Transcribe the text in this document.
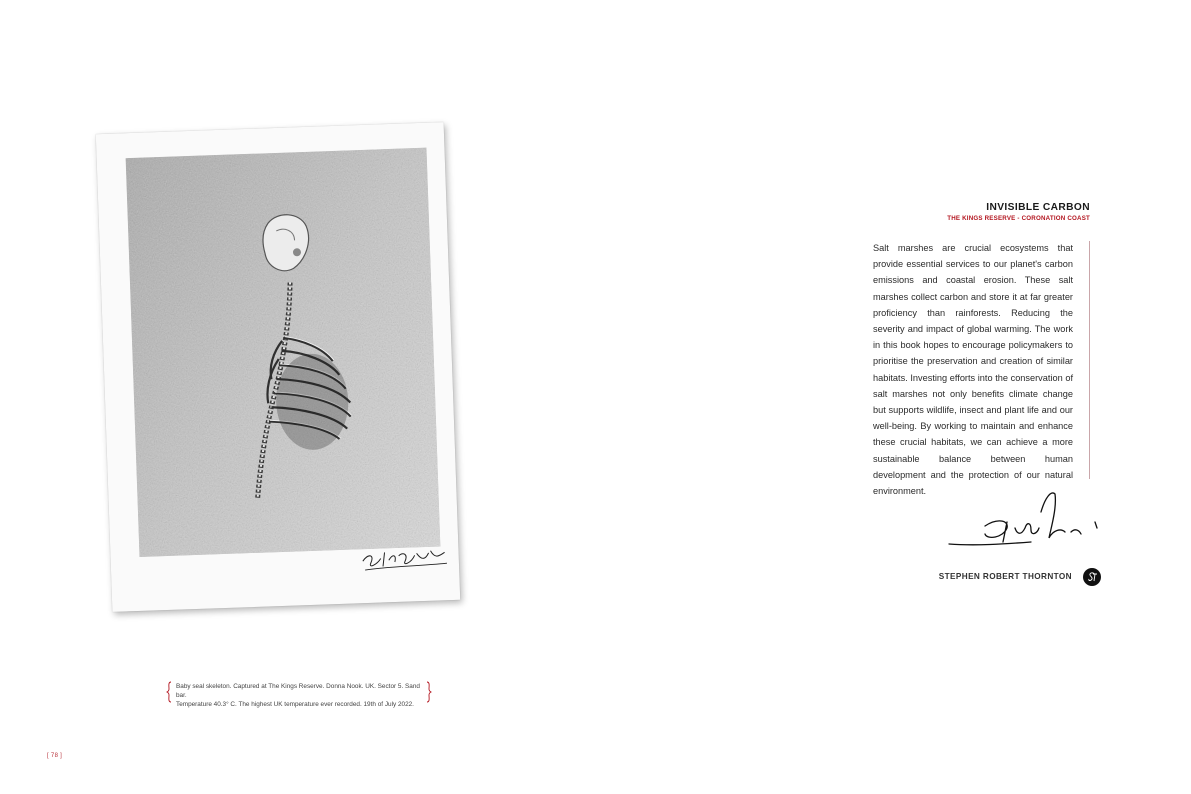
Baby seal skeleton. Captured at The Kings Reserve. Donna Nook. UK. Sector 5. Sand bar.
Temperature 40.3° C. The highest UK temperature ever recorded. 19th of July 2022.
[ 78 ]
INVISIBLE CARBON
THE KINGS RESERVE - CORONATION COAST
Salt marshes are crucial ecosystems that provide essential services to our planet's carbon emissions and coastal erosion. These salt marshes collect carbon and store it at far greater proficiency than rainforests. Reducing the severity and impact of global warming. The work in this book hopes to encourage policymakers to prioritise the preservation and creation of similar habitats. Investing efforts into the conservation of salt marshes not only benefits climate change but supports wildlife, insect and plant life and our well-being. By working to maintain and enhance these crucial habitats, we can achieve a more sustainable balance between human development and the protection of our natural environment.
STEPHEN ROBERT THORNTON
